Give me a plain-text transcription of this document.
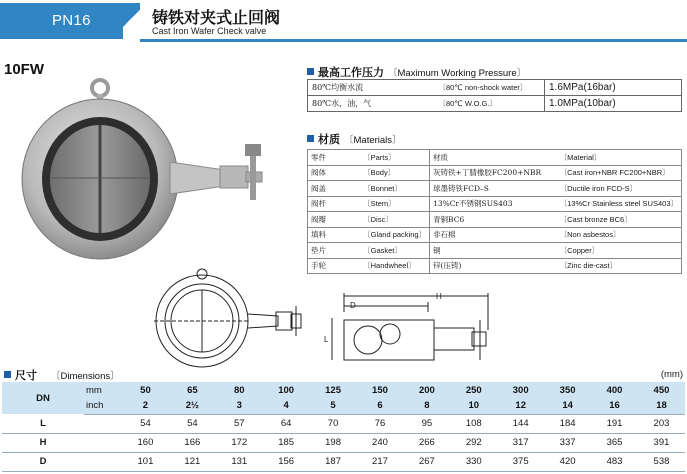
PN16	铸铁对夹式止回阀
Cast Iron Wafer Check valve
10FW	最高工作压力 〔Maximum Working Pressure〕
80℃均衡水流	〔80℃ non-shock water〕	1.6MPa(16bar)
80℃水，油，气	〔80℃ W.O.G.〕	1.0MPa(10bar)
材质 〔Materials〕
零件	〔Parts〕	材质	〔Material〕
阀体	〔Body〕	灰铸铁+丁腈橡胶FC200+NBR	〔Cast iron+NBR FC200+NBR〕
阀盖	〔Bonnet〕	球墨铸铁FCD–S	〔Ductile iron FCD-S〕
阀杆	〔Stem〕	13%Cr不锈钢SUS403	〔13%Cr Stainless steel SUS403〕
阀瓣	〔Disc〕	青铜BC6	〔Cast bronze BC6〕
填料	〔Gland packing〕	非石棉	〔Non asbestos〕
垫片	〔Gasket〕	铜	〔Copper〕
手轮	〔Handwheel〕	锌(压铸)	〔Zinc die-cast〕
D
H
L
尺寸 〔Dimensions〕	(mm)
DN	mm	50	65	80	100	125	150	200	250	300	350	400	450
	inch	2	2½	3	4	5	6	8	10	12	14	16	18
L		54	54	57	64	70	76	95	108	144	184	191	203
H		160	166	172	185	198	240	266	292	317	337	365	391
D		101	121	131	156	187	217	267	330	375	420	483	538
